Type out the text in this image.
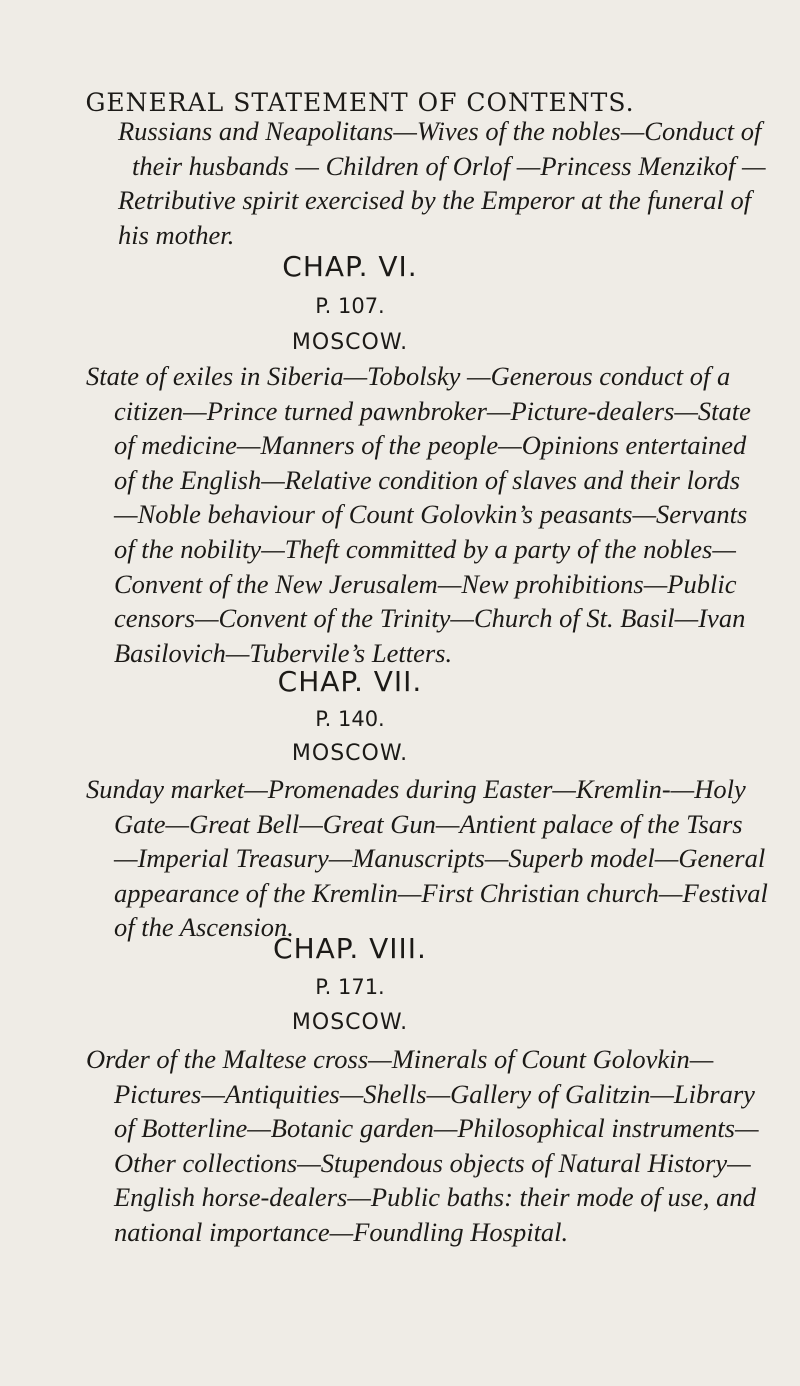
GENERAL STATEMENT OF CONTENTS.
Russians and Neapolitans—Wives of the nobles—Conduct of
their husbands — Children of Orlof —Princess Menzikof —
Retributive spirit exercised by the Emperor at the funeral of
his mother.
CHAP. VI.
P. 107.
MOSCOW.
State of exiles in Siberia—Tobolsky —Generous conduct of a
citizen—Prince turned pawnbroker—Picture-dealers—State
of medicine—Manners of the people—Opinions entertained
of the English—Relative condition of slaves and their lords
—Noble behaviour of Count Golovkin’s peasants—Servants
of the nobility—Theft committed by a party of the nobles—
Convent of the New Jerusalem—New prohibitions—Public
censors—Convent of the Trinity—Church of St. Basil—Ivan
Basilovich—Tubervile’s Letters.
CHAP. VII.
P. 140.
MOSCOW.
Sunday market—Promenades during Easter—Kremlin-—Holy
Gate—Great Bell—Great Gun—Antient palace of the Tsars
—Imperial Treasury—Manuscripts—Superb model—General
appearance of the Kremlin—First Christian church—Festival
of the Ascension.
CHAP. VIII.
P. 171.
MOSCOW.
Order of the Maltese cross—Minerals of Count Golovkin—
Pictures—Antiquities—Shells—Gallery of Galitzin—Library
of Botterline—Botanic garden—Philosophical instruments—
Other collections—Stupendous objects of Natural History—
English horse-dealers—Public baths: their mode of use, and
national importance—Foundling Hospital.
